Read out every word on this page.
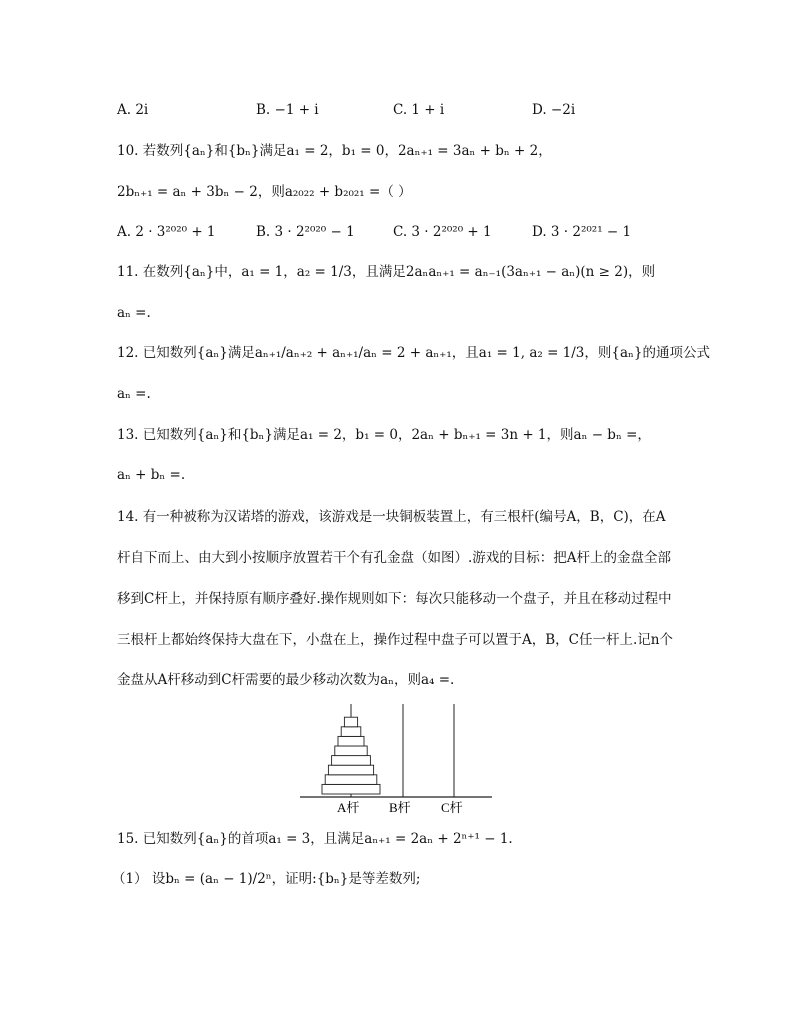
A. 2i	B. −1 + i	C. 1 + i	D. −2i
10. 若数列{aₙ}和{bₙ}满足a₁ = 2，b₁ = 0，2aₙ₊₁ = 3aₙ + bₙ + 2，
2bₙ₊₁ = aₙ + 3bₙ − 2，则a₂₀₂₂ + b₂₀₂₁ =（ ）
A. 2 · 3²⁰²⁰ + 1	B. 3 · 2²⁰²⁰ − 1	C. 3 · 2²⁰²⁰ + 1	D. 3 · 2²⁰²¹ − 1
11. 在数列{aₙ}中，a₁ = 1，a₂ = 1/3，且满足2aₙaₙ₊₁ = aₙ₋₁(3aₙ₊₁ − aₙ)(n ≥ 2)，则
aₙ =.
12. 已知数列{aₙ}满足aₙ₊₁/aₙ₊₂ + aₙ₊₁/aₙ = 2 + aₙ₊₁，且a₁ = 1, a₂ = 1/3，则{aₙ}的通项公式
aₙ =.
13. 已知数列{aₙ}和{bₙ}满足a₁ = 2，b₁ = 0，2aₙ + bₙ₊₁ = 3n + 1，则aₙ − bₙ =，
aₙ + bₙ =.
14. 有一种被称为汉诺塔的游戏，该游戏是一块铜板装置上，有三根杆(编号A，B，C)，在A
杆自下而上、由大到小按顺序放置若干个有孔金盘（如图）.游戏的目标：把A杆上的金盘全部
移到C杆上，并保持原有顺序叠好.操作规则如下：每次只能移动一个盘子，并且在移动过程中
三根杆上都始终保持大盘在下，小盘在上，操作过程中盘子可以置于A，B，C任一杆上.记n个
金盘从A杆移动到C杆需要的最少移动次数为aₙ，则a₄ =.
A杆 B杆 C杆
15. 已知数列{aₙ}的首项a₁ = 3，且满足aₙ₊₁ = 2aₙ + 2ⁿ⁺¹ − 1.
（1） 设bₙ = (aₙ − 1)/2ⁿ，证明:{bₙ}是等差数列;
